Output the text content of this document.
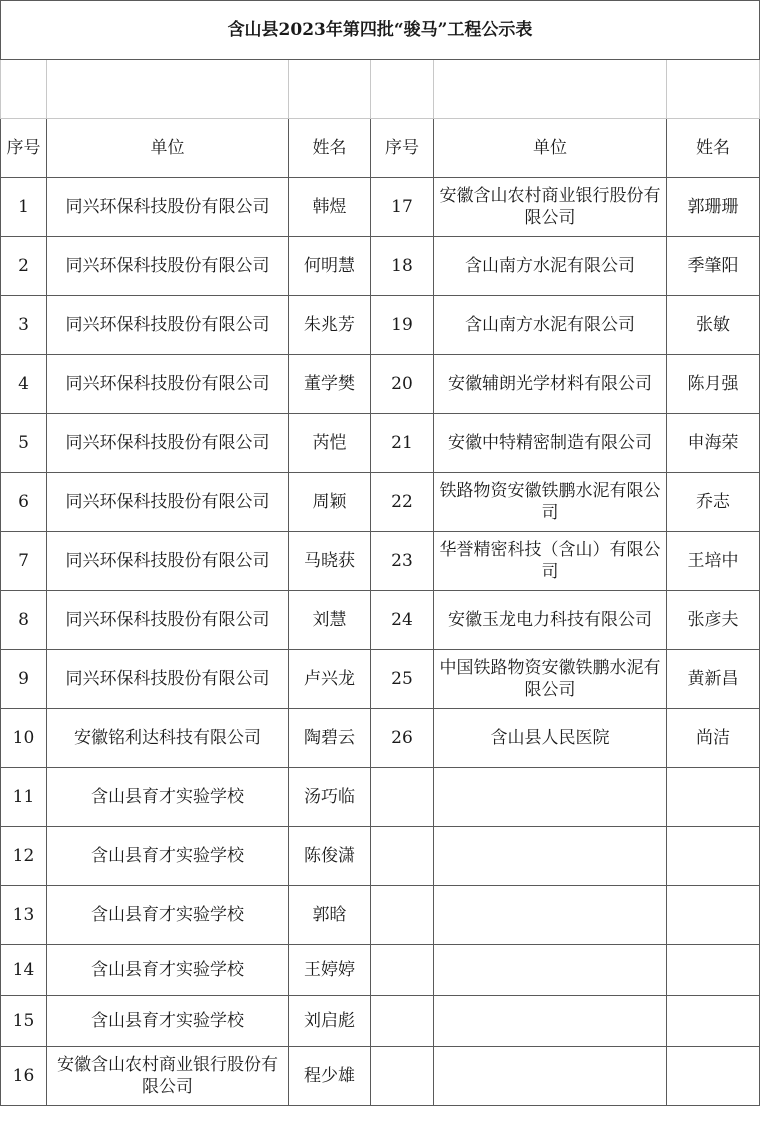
含山县2023年第四批“骏马”工程公示表					

序号	单位	姓名	序号	单位	姓名
1	同兴环保科技股份有限公司	韩煜	17	安徽含山农村商业银行股份有限公司	郭珊珊
2	同兴环保科技股份有限公司	何明慧	18	含山南方水泥有限公司	季肇阳
3	同兴环保科技股份有限公司	朱兆芳	19	含山南方水泥有限公司	张敏
4	同兴环保科技股份有限公司	董学樊	20	安徽辅朗光学材料有限公司	陈月强
5	同兴环保科技股份有限公司	芮恺	21	安徽中特精密制造有限公司	申海荣
6	同兴环保科技股份有限公司	周颖	22	铁路物资安徽铁鹏水泥有限公司	乔志
7	同兴环保科技股份有限公司	马晓获	23	华誉精密科技（含山）有限公司	王培中
8	同兴环保科技股份有限公司	刘慧	24	安徽玉龙电力科技有限公司	张彦夫
9	同兴环保科技股份有限公司	卢兴龙	25	中国铁路物资安徽铁鹏水泥有限公司	黄新昌
10	安徽铭利达科技有限公司	陶碧云	26	含山县人民医院	尚洁
11	含山县育才实验学校	汤巧临			
12	含山县育才实验学校	陈俊潇			
13	含山县育才实验学校	郭晗			
14	含山县育才实验学校	王婷婷			
15	含山县育才实验学校	刘启彪			
16	安徽含山农村商业银行股份有限公司	程少雄			
